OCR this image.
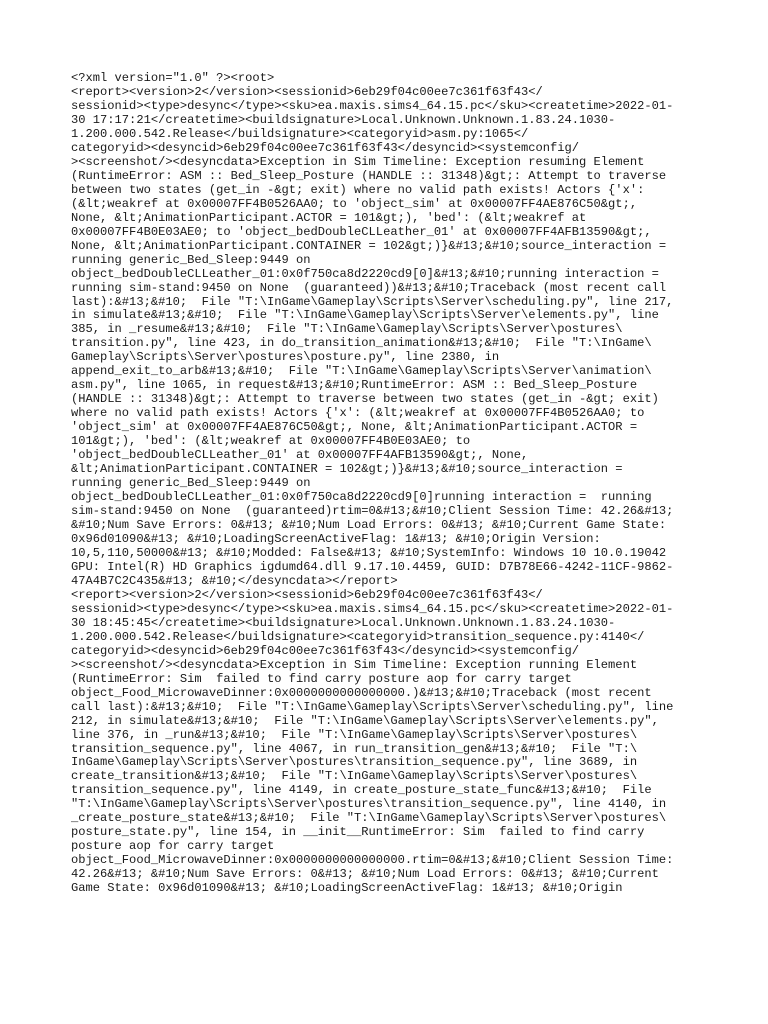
<?xml version="1.0" ?><root>
<report><version>2</version><sessionid>6eb29f04c00ee7c361f63f43</
sessionid><type>desync</type><sku>ea.maxis.sims4_64.15.pc</sku><createtime>2022-01-
30 17:17:21</createtime><buildsignature>Local.Unknown.Unknown.1.83.24.1030-
1.200.000.542.Release</buildsignature><categoryid>asm.py:1065</
categoryid><desyncid>6eb29f04c00ee7c361f63f43</desyncid><systemconfig/
><screenshot/><desyncdata>Exception in Sim Timeline: Exception resuming Element
(RuntimeError: ASM :: Bed_Sleep_Posture (HANDLE :: 31348)&gt;: Attempt to traverse
between two states (get_in -&gt; exit) where no valid path exists! Actors {'x':
(&lt;weakref at 0x00007FF4B0526AA0; to 'object_sim' at 0x00007FF4AE876C50&gt;,
None, &lt;AnimationParticipant.ACTOR = 101&gt;), 'bed': (&lt;weakref at
0x00007FF4B0E03AE0; to 'object_bedDoubleCLLeather_01' at 0x00007FF4AFB13590&gt;,
None, &lt;AnimationParticipant.CONTAINER = 102&gt;)}&#13;&#10;source_interaction =
running generic_Bed_Sleep:9449 on
object_bedDoubleCLLeather_01:0x0f750ca8d2220cd9[0]&#13;&#10;running interaction =
running sim-stand:9450 on None  (guaranteed))&#13;&#10;Traceback (most recent call
last):&#13;&#10;  File "T:\InGame\Gameplay\Scripts\Server\scheduling.py", line 217,
in simulate&#13;&#10;  File "T:\InGame\Gameplay\Scripts\Server\elements.py", line
385, in _resume&#13;&#10;  File "T:\InGame\Gameplay\Scripts\Server\postures\
transition.py", line 423, in do_transition_animation&#13;&#10;  File "T:\InGame\
Gameplay\Scripts\Server\postures\posture.py", line 2380, in
append_exit_to_arb&#13;&#10;  File "T:\InGame\Gameplay\Scripts\Server\animation\
asm.py", line 1065, in request&#13;&#10;RuntimeError: ASM :: Bed_Sleep_Posture
(HANDLE :: 31348)&gt;: Attempt to traverse between two states (get_in -&gt; exit)
where no valid path exists! Actors {'x': (&lt;weakref at 0x00007FF4B0526AA0; to
'object_sim' at 0x00007FF4AE876C50&gt;, None, &lt;AnimationParticipant.ACTOR =
101&gt;), 'bed': (&lt;weakref at 0x00007FF4B0E03AE0; to
'object_bedDoubleCLLeather_01' at 0x00007FF4AFB13590&gt;, None,
&lt;AnimationParticipant.CONTAINER = 102&gt;)}&#13;&#10;source_interaction =
running generic_Bed_Sleep:9449 on
object_bedDoubleCLLeather_01:0x0f750ca8d2220cd9[0]running interaction =  running
sim-stand:9450 on None  (guaranteed)rtim=0&#13;&#10;Client Session Time: 42.26&#13;
&#10;Num Save Errors: 0&#13; &#10;Num Load Errors: 0&#13; &#10;Current Game State:
0x96d01090&#13; &#10;LoadingScreenActiveFlag: 1&#13; &#10;Origin Version:
10,5,110,50000&#13; &#10;Modded: False&#13; &#10;SystemInfo: Windows 10 10.0.19042
GPU: Intel(R) HD Graphics igdumd64.dll 9.17.10.4459, GUID: D7B78E66-4242-11CF-9862-
47A4B7C2C435&#13; &#10;</desyncdata></report>
<report><version>2</version><sessionid>6eb29f04c00ee7c361f63f43</
sessionid><type>desync</type><sku>ea.maxis.sims4_64.15.pc</sku><createtime>2022-01-
30 18:45:45</createtime><buildsignature>Local.Unknown.Unknown.1.83.24.1030-
1.200.000.542.Release</buildsignature><categoryid>transition_sequence.py:4140</
categoryid><desyncid>6eb29f04c00ee7c361f63f43</desyncid><systemconfig/
><screenshot/><desyncdata>Exception in Sim Timeline: Exception running Element
(RuntimeError: Sim  failed to find carry posture aop for carry target
object_Food_MicrowaveDinner:0x0000000000000000.)&#13;&#10;Traceback (most recent
call last):&#13;&#10;  File "T:\InGame\Gameplay\Scripts\Server\scheduling.py", line
212, in simulate&#13;&#10;  File "T:\InGame\Gameplay\Scripts\Server\elements.py",
line 376, in _run&#13;&#10;  File "T:\InGame\Gameplay\Scripts\Server\postures\
transition_sequence.py", line 4067, in run_transition_gen&#13;&#10;  File "T:\
InGame\Gameplay\Scripts\Server\postures\transition_sequence.py", line 3689, in
create_transition&#13;&#10;  File "T:\InGame\Gameplay\Scripts\Server\postures\
transition_sequence.py", line 4149, in create_posture_state_func&#13;&#10;  File
"T:\InGame\Gameplay\Scripts\Server\postures\transition_sequence.py", line 4140, in
_create_posture_state&#13;&#10;  File "T:\InGame\Gameplay\Scripts\Server\postures\
posture_state.py", line 154, in __init__RuntimeError: Sim  failed to find carry
posture aop for carry target
object_Food_MicrowaveDinner:0x0000000000000000.rtim=0&#13;&#10;Client Session Time:
42.26&#13; &#10;Num Save Errors: 0&#13; &#10;Num Load Errors: 0&#13; &#10;Current
Game State: 0x96d01090&#13; &#10;LoadingScreenActiveFlag: 1&#13; &#10;Origin
